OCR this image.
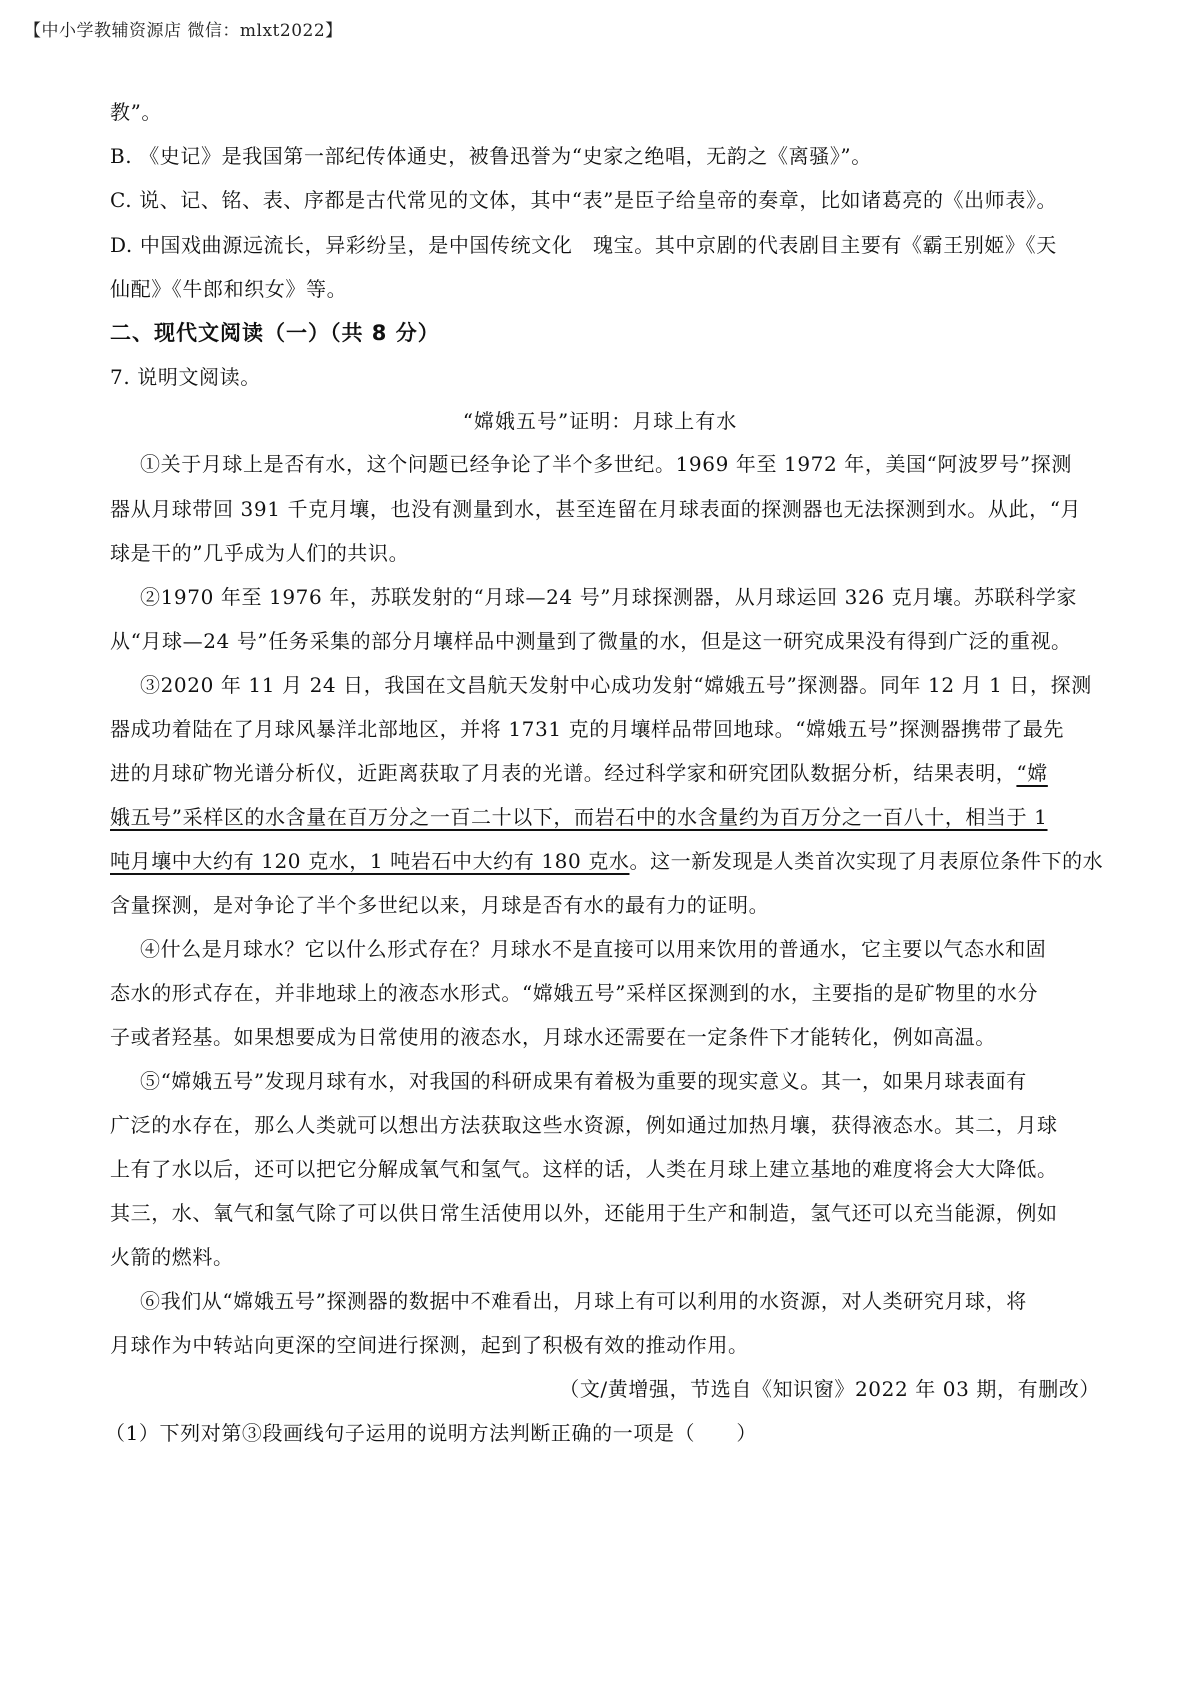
【中小学教辅资源店 微信：mlxt2022】
教”。
B. 《史记》是我国第一部纪传体通史，被鲁迅誉为“史家之绝唱，无韵之《离骚》”。
C. 说、记、铭、表、序都是古代常见的文体，其中“表”是臣子给皇帝的奏章，比如诸葛亮的《出师表》。
D. 中国戏曲源远流长，异彩纷呈，是中国传统文化　瑰宝。其中京剧的代表剧目主要有《霸王别姬》《天
仙配》《牛郎和织女》等。
二、现代文阅读（一）（共 8 分）
7. 说明文阅读。
“嫦娥五号”证明：月球上有水
①关于月球上是否有水，这个问题已经争论了半个多世纪。1969 年至 1972 年，美国“阿波罗号”探测
器从月球带回 391 千克月壤，也没有测量到水，甚至连留在月球表面的探测器也无法探测到水。从此，“月
球是干的”几乎成为人们的共识。
②1970 年至 1976 年，苏联发射的“月球—24 号”月球探测器，从月球运回 326 克月壤。苏联科学家
从“月球—24 号”任务采集的部分月壤样品中测量到了微量的水，但是这一研究成果没有得到广泛的重视。
③2020 年 11 月 24 日，我国在文昌航天发射中心成功发射“嫦娥五号”探测器。同年 12 月 1 日，探测
器成功着陆在了月球风暴洋北部地区，并将 1731 克的月壤样品带回地球。“嫦娥五号”探测器携带了最先
进的月球矿物光谱分析仪，近距离获取了月表的光谱。经过科学家和研究团队数据分析，结果表明，“嫦
娥五号”采样区的水含量在百万分之一百二十以下，而岩石中的水含量约为百万分之一百八十，相当于 1
吨月壤中大约有 120 克水，1 吨岩石中大约有 180 克水。这一新发现是人类首次实现了月表原位条件下的水
含量探测，是对争论了半个多世纪以来，月球是否有水的最有力的证明。
④什么是月球水？它以什么形式存在？月球水不是直接可以用来饮用的普通水，它主要以气态水和固
态水的形式存在，并非地球上的液态水形式。“嫦娥五号”采样区探测到的水，主要指的是矿物里的水分
子或者羟基。如果想要成为日常使用的液态水，月球水还需要在一定条件下才能转化，例如高温。
⑤“嫦娥五号”发现月球有水，对我国的科研成果有着极为重要的现实意义。其一，如果月球表面有
广泛的水存在，那么人类就可以想出方法获取这些水资源，例如通过加热月壤，获得液态水。其二，月球
上有了水以后，还可以把它分解成氧气和氢气。这样的话，人类在月球上建立基地的难度将会大大降低。
其三，水、氧气和氢气除了可以供日常生活使用以外，还能用于生产和制造，氢气还可以充当能源，例如
火箭的燃料。
⑥我们从“嫦娥五号”探测器的数据中不难看出，月球上有可以利用的水资源，对人类研究月球，将
月球作为中转站向更深的空间进行探测，起到了积极有效的推动作用。
（文/黄增强，节选自《知识窗》2022 年 03 期，有删改）
（1）下列对第③段画线句子运用的说明方法判断正确的一项是（　　）
